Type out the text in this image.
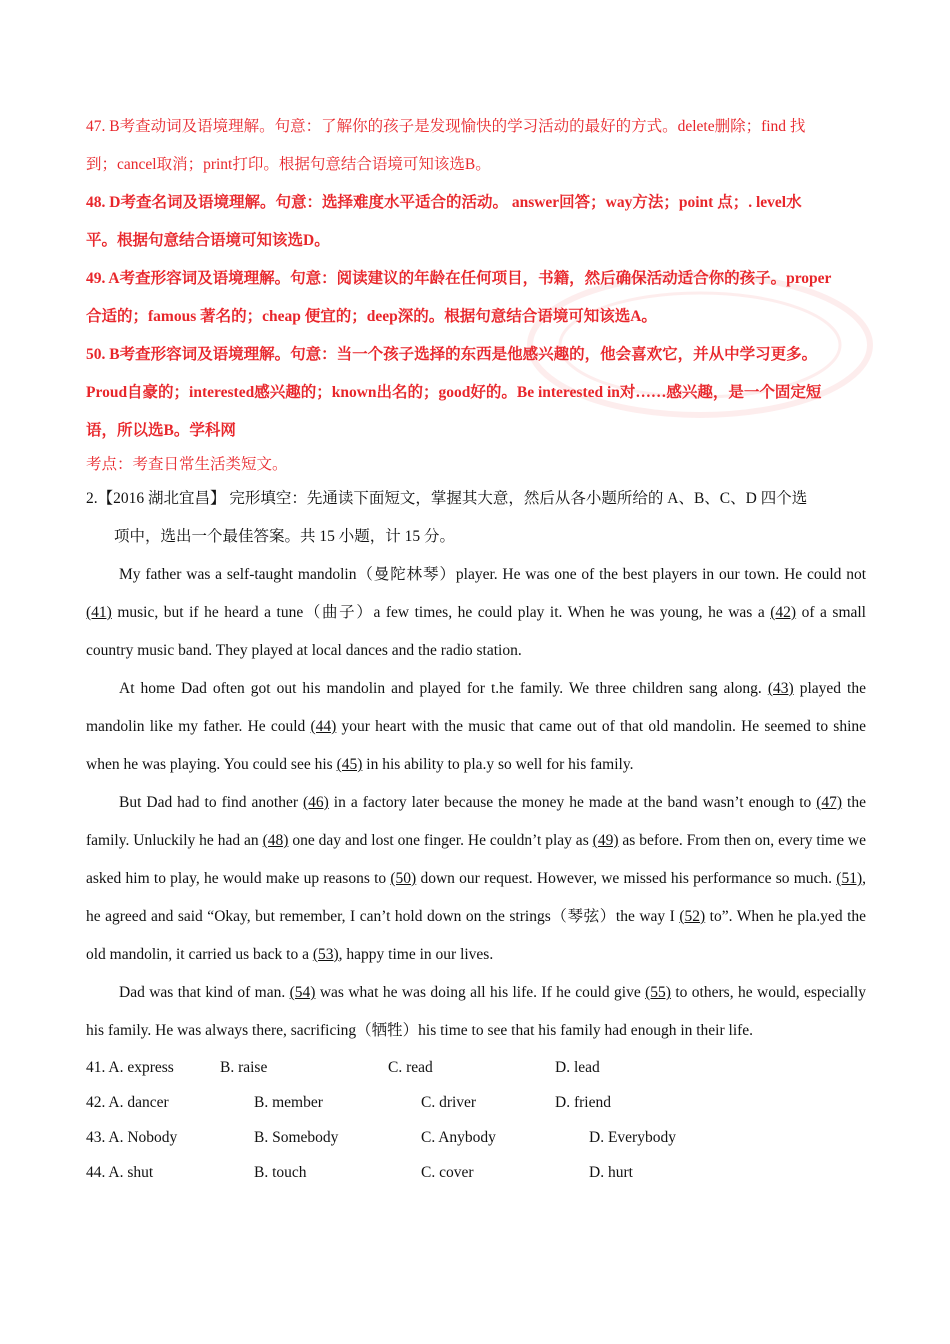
47. B考查动词及语境理解。句意：了解你的孩子是发现愉快的学习活动的最好的方式。delete删除；find 找
到；cancel取消；print打印。根据句意结合语境可知该选B。

48. D考查名词及语境理解。句意：选择难度水平适合的活动。 answer回答；way方法；point 点；. level水
平。根据句意结合语境可知该选D。

49. A考查形容词及语境理解。句意：阅读建议的年龄在任何项目，书籍，然后确保活动适合你的孩子。proper
合适的；famous 著名的；cheap 便宜的；deep深的。根据句意结合语境可知该选A。

50. B考查形容词及语境理解。句意：当一个孩子选择的东西是他感兴趣的，他会喜欢它，并从中学习更多。
Proud自豪的；interested感兴趣的；known出名的；good好的。Be interested in对……感兴趣，是一个固定短
语，所以选B。学科网

考点：考查日常生活类短文。

2.【2016 湖北宜昌】 完形填空：先通读下面短文，掌握其大意，然后从各小题所给的 A、B、C、D 四个选
项中，选出一个最佳答案。共 15 小题，计 15 分。

My father was a self-taught mandolin（曼陀林琴）player. He was one of the best players in our town. He could not (41) music, but if he heard a tune（曲子）a few times, he could play it. When he was young, he was a (42) of a small country music band. They played at local dances and the radio station.

At home Dad often got out his mandolin and played for t.he family. We three children sang along. (43) played the mandolin like my father. He could (44) your heart with the music that came out of that old mandolin. He seemed to shine when he was playing. You could see his (45) in his ability to pla.y so well for his family.

But Dad had to find another (46) in a factory later because the money he made at the band wasn’t enough to (47) the family. Unluckily he had an (48) one day and lost one finger. He couldn’t play as (49) as before. From then on, every time we asked him to play, he would make up reasons to (50) down our request. However, we missed his performance so much. (51), he agreed and said “Okay, but remember, I can’t hold down on the strings（琴弦）the way I (52) to”. When he pla.yed the old mandolin, it carried us back to a (53), happy time in our lives.

Dad was that kind of man. (54) was what he was doing all his life. If he could give (55) to others, he would, especially his family. He was always there, sacrificing（牺牲）his time to see that his family had enough in their life.

41. A. express	B. raise	C. read	D. lead
42. A. dancer	B. member	C. driver	D. friend
43. A. Nobody	B. Somebody	C. Anybody	D. Everybody
44. A. shut	B. touch	C. cover	D. hurt
